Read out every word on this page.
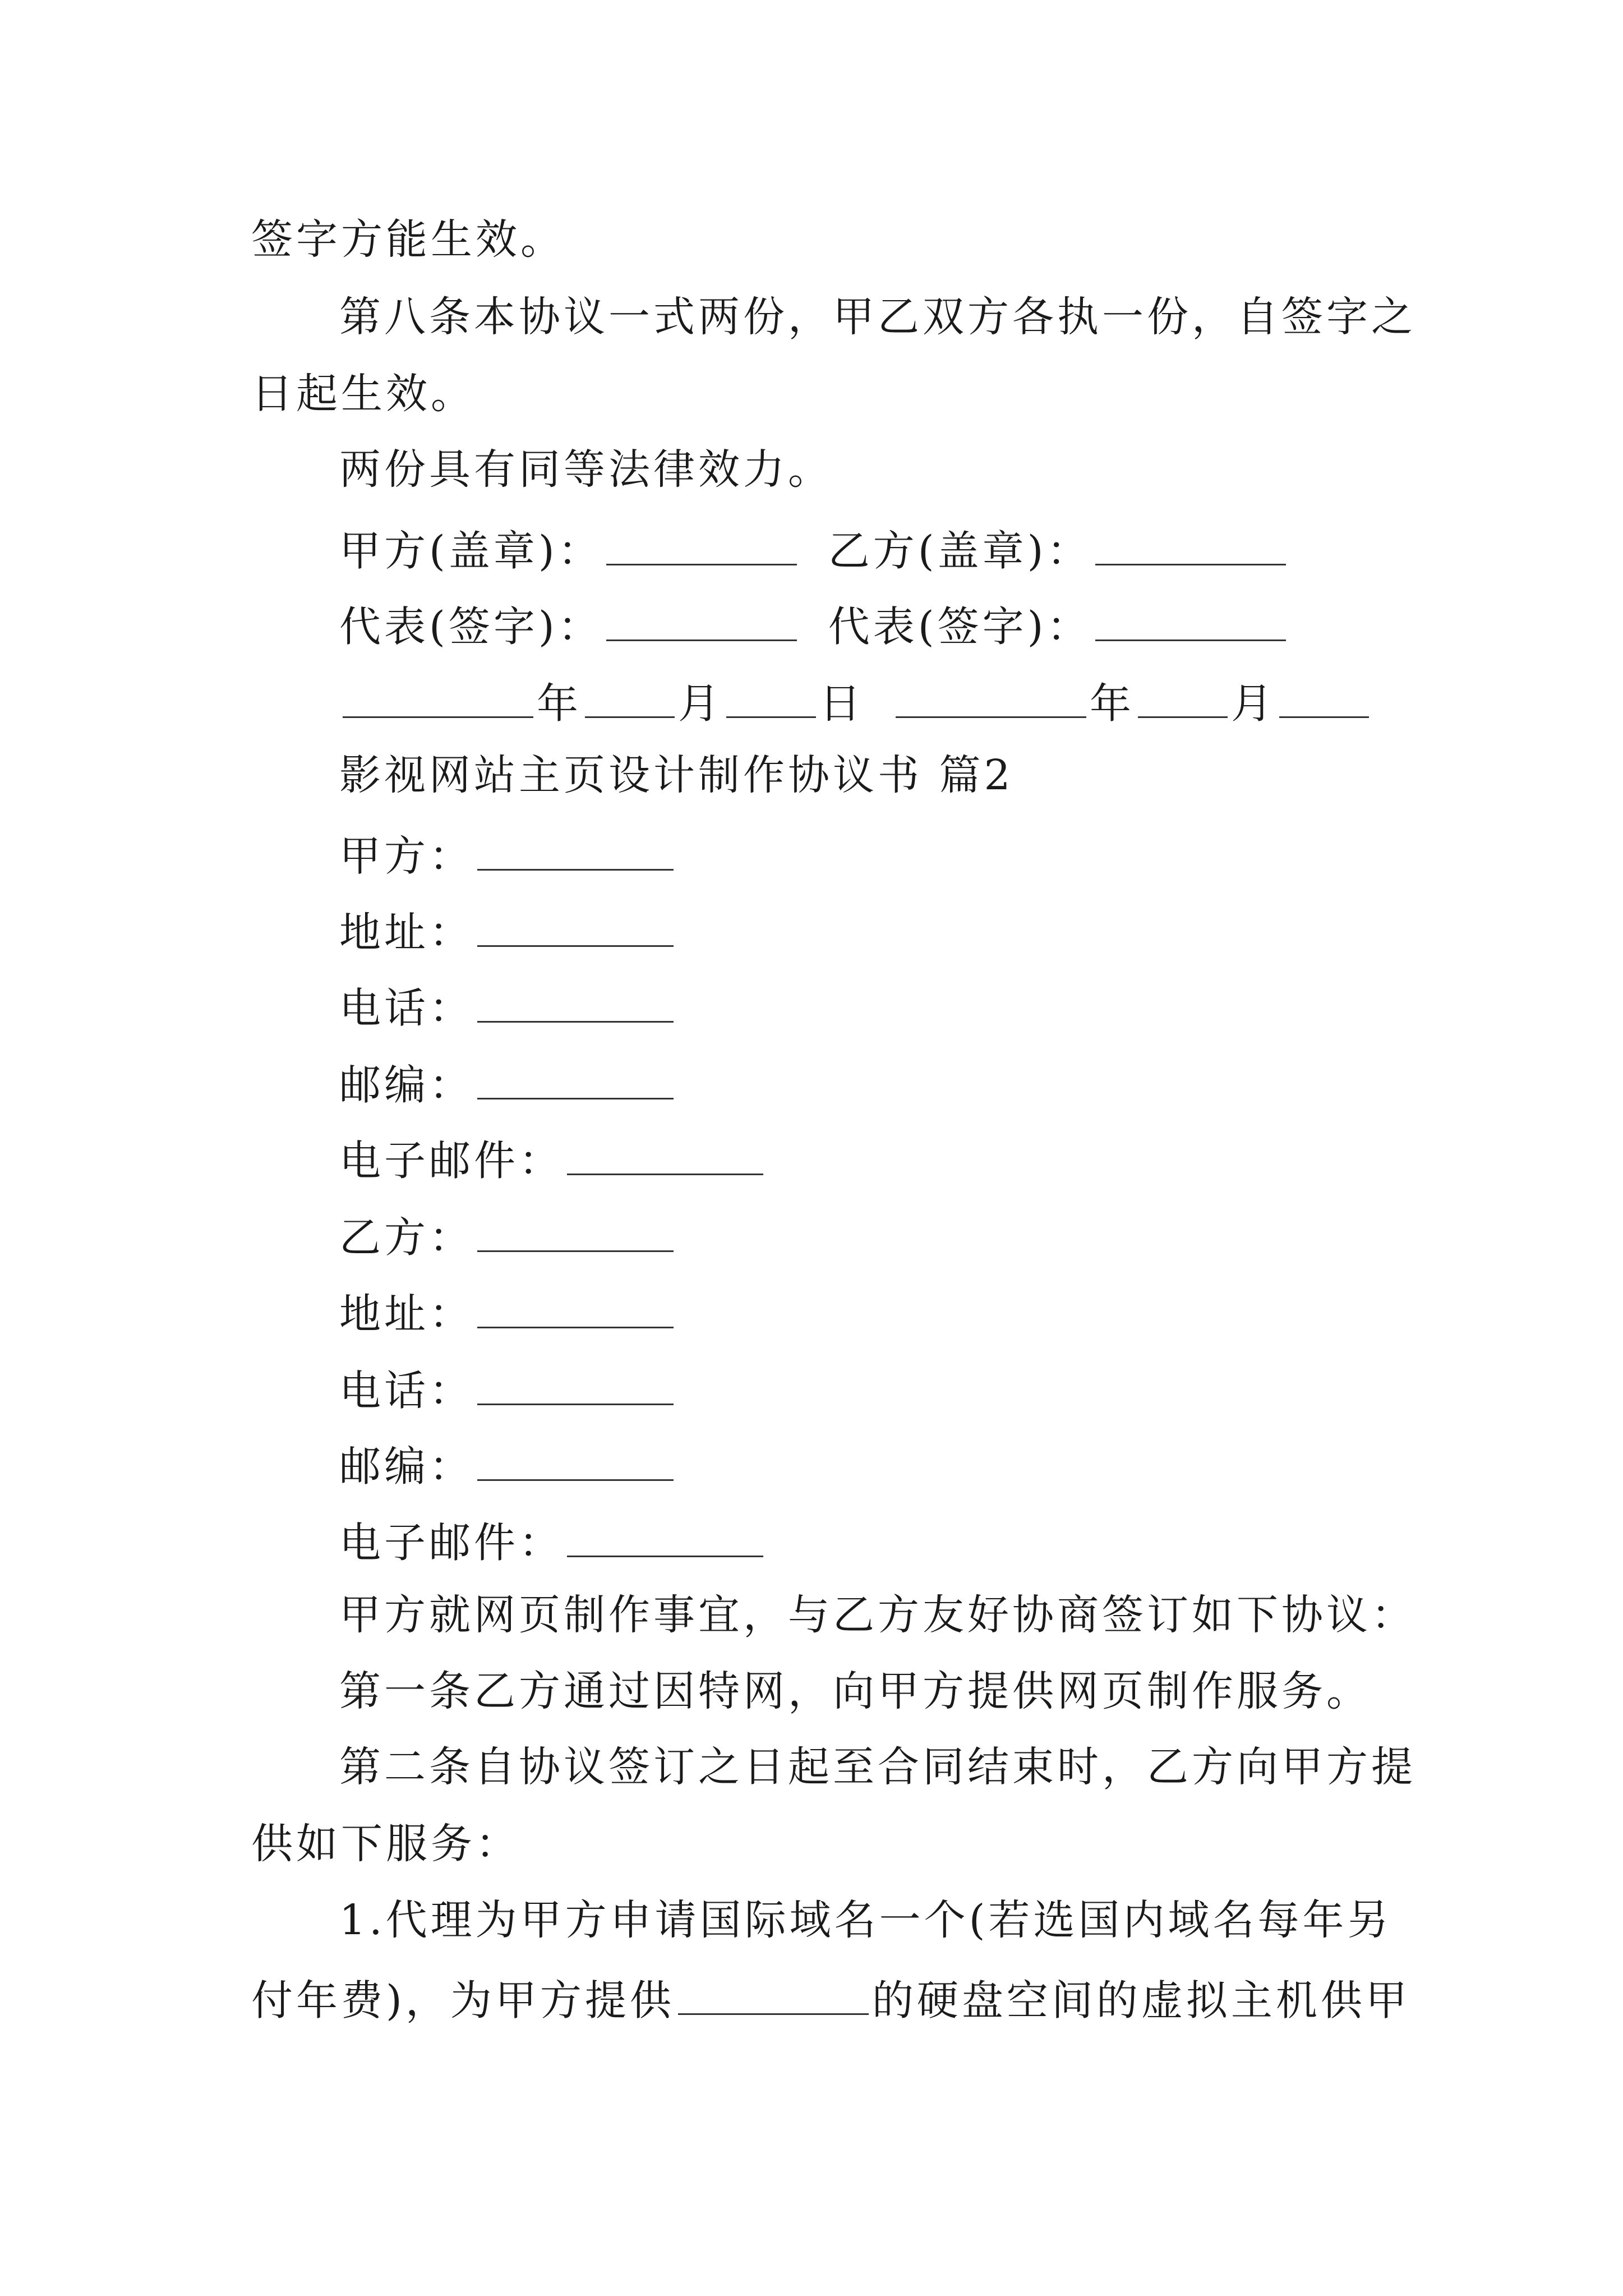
签字方能生效。
第八条本协议一式两份，甲乙双方各执一份，自签字之
日起生效。
两份具有同等法律效力。
甲方(盖章)：	乙方(盖章)：
代表(签字)：	代表(签字)：
年 月 日	年 月
影视网站主页设计制作协议书 篇2
甲方：
地址：
电话：
邮编：
电子邮件：
乙方：
地址：
电话：
邮编：
电子邮件：
甲方就网页制作事宜，与乙方友好协商签订如下协议：
第一条乙方通过因特网，向甲方提供网页制作服务。
第二条自协议签订之日起至合同结束时，乙方向甲方提
供如下服务：
1.代理为甲方申请国际域名一个(若选国内域名每年另
付年费)，为甲方提供	的硬盘空间的虚拟主机供甲
